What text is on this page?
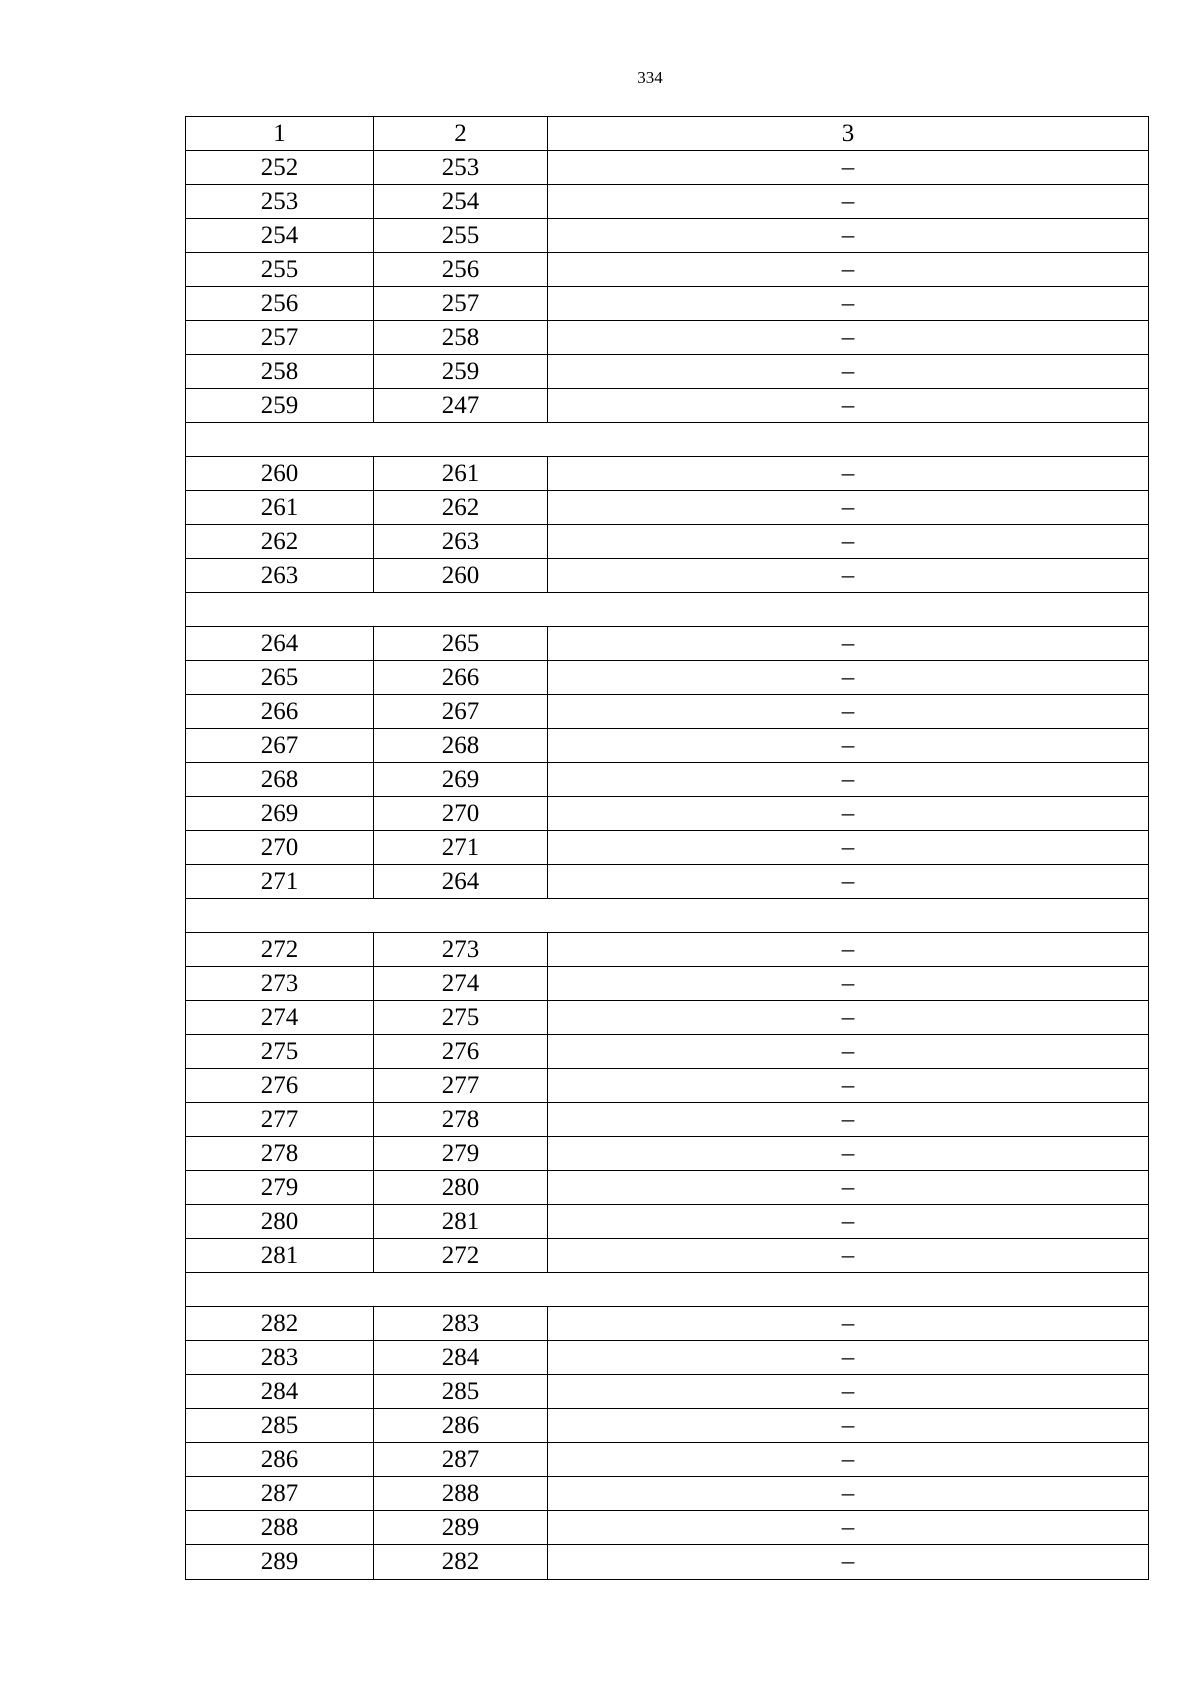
334
1	2	3
252	253	–
253	254	–
254	255	–
255	256	–
256	257	–
257	258	–
258	259	–
259	247	–
260	261	–
261	262	–
262	263	–
263	260	–
264	265	–
265	266	–
266	267	–
267	268	–
268	269	–
269	270	–
270	271	–
271	264	–
272	273	–
273	274	–
274	275	–
275	276	–
276	277	–
277	278	–
278	279	–
279	280	–
280	281	–
281	272	–
282	283	–
283	284	–
284	285	–
285	286	–
286	287	–
287	288	–
288	289	–
289	282	–
